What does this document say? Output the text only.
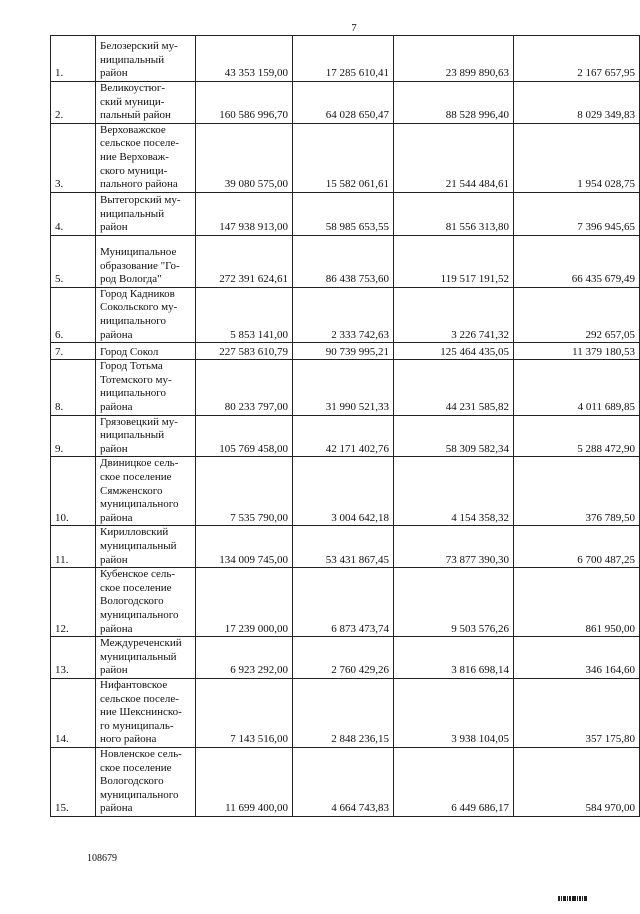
7
1.	Белозерский му-
ниципальный
район	43 353 159,00	17 285 610,41	23 899 890,63	2 167 657,95
2.	Великоустюг-
ский муници-
пальный район	160 586 996,70	64 028 650,47	88 528 996,40	8 029 349,83
3.	Верховажское
сельское поселе-
ние Верховаж-
ского муници-
пального района	39 080 575,00	15 582 061,61	21 544 484,61	1 954 028,75
4.	Вытегорский му-
ниципальный
район	147 938 913,00	58 985 653,55	81 556 313,80	7 396 945,65
5.	Муниципальное
образование "Го-
род Вологда"	272 391 624,61	86 438 753,60	119 517 191,52	66 435 679,49
6.	Город Кадников
Сокольского му-
ниципального
района	5 853 141,00	2 333 742,63	3 226 741,32	292 657,05
7.	Город Сокол	227 583 610,79	90 739 995,21	125 464 435,05	11 379 180,53
8.	Город Тотьма
Тотемского му-
ниципального
района	80 233 797,00	31 990 521,33	44 231 585,82	4 011 689,85
9.	Грязовецкий му-
ниципальный
район	105 769 458,00	42 171 402,76	58 309 582,34	5 288 472,90
10.	Двиницкое сель-
ское поселение
Сямженского
муниципального
района	7 535 790,00	3 004 642,18	4 154 358,32	376 789,50
11.	Кирилловский
муниципальный
район	134 009 745,00	53 431 867,45	73 877 390,30	6 700 487,25
12.	Кубенское сель-
ское поселение
Вологодского
муниципального
района	17 239 000,00	6 873 473,74	9 503 576,26	861 950,00
13.	Междуреченский
муниципальный
район	6 923 292,00	2 760 429,26	3 816 698,14	346 164,60
14.	Нифантовское
сельское поселе-
ние Шекснинско-
го муниципаль-
ного района	7 143 516,00	2 848 236,15	3 938 104,05	357 175,80
15.	Новленское сель-
ское поселение
Вологодского
муниципального
района	11 699 400,00	4 664 743,83	6 449 686,17	584 970,00
108679
